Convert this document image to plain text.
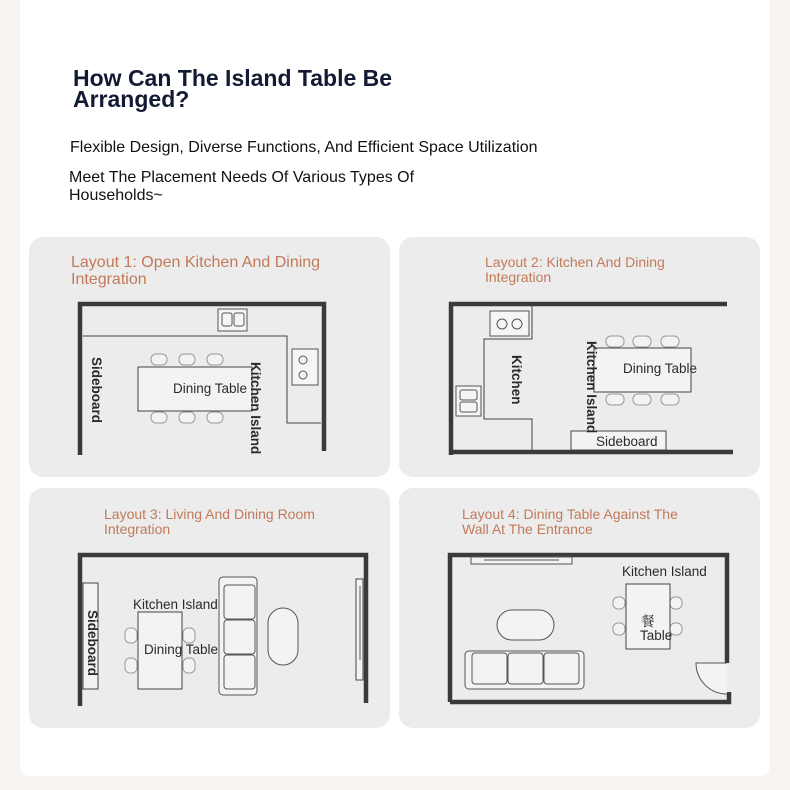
How Can The Island Table Be Arranged?

Flexible Design, Diverse Functions, And Efficient Space Utilization

Meet The Placement Needs Of Various Types Of Households~

Layout 1: Open Kitchen And Dining Integration

Dining Table
Sideboard	Kitchen Island

Layout 2: Kitchen And Dining Integration

Dining Table
Sideboard
Kitchen	Kitchen Island

Layout 3: Living And Dining Room Integration

Kitchen Island
Dining Table
Sideboard

Layout 4: Dining Table Against The Wall At The Entrance

Kitchen Island
餐
Table
